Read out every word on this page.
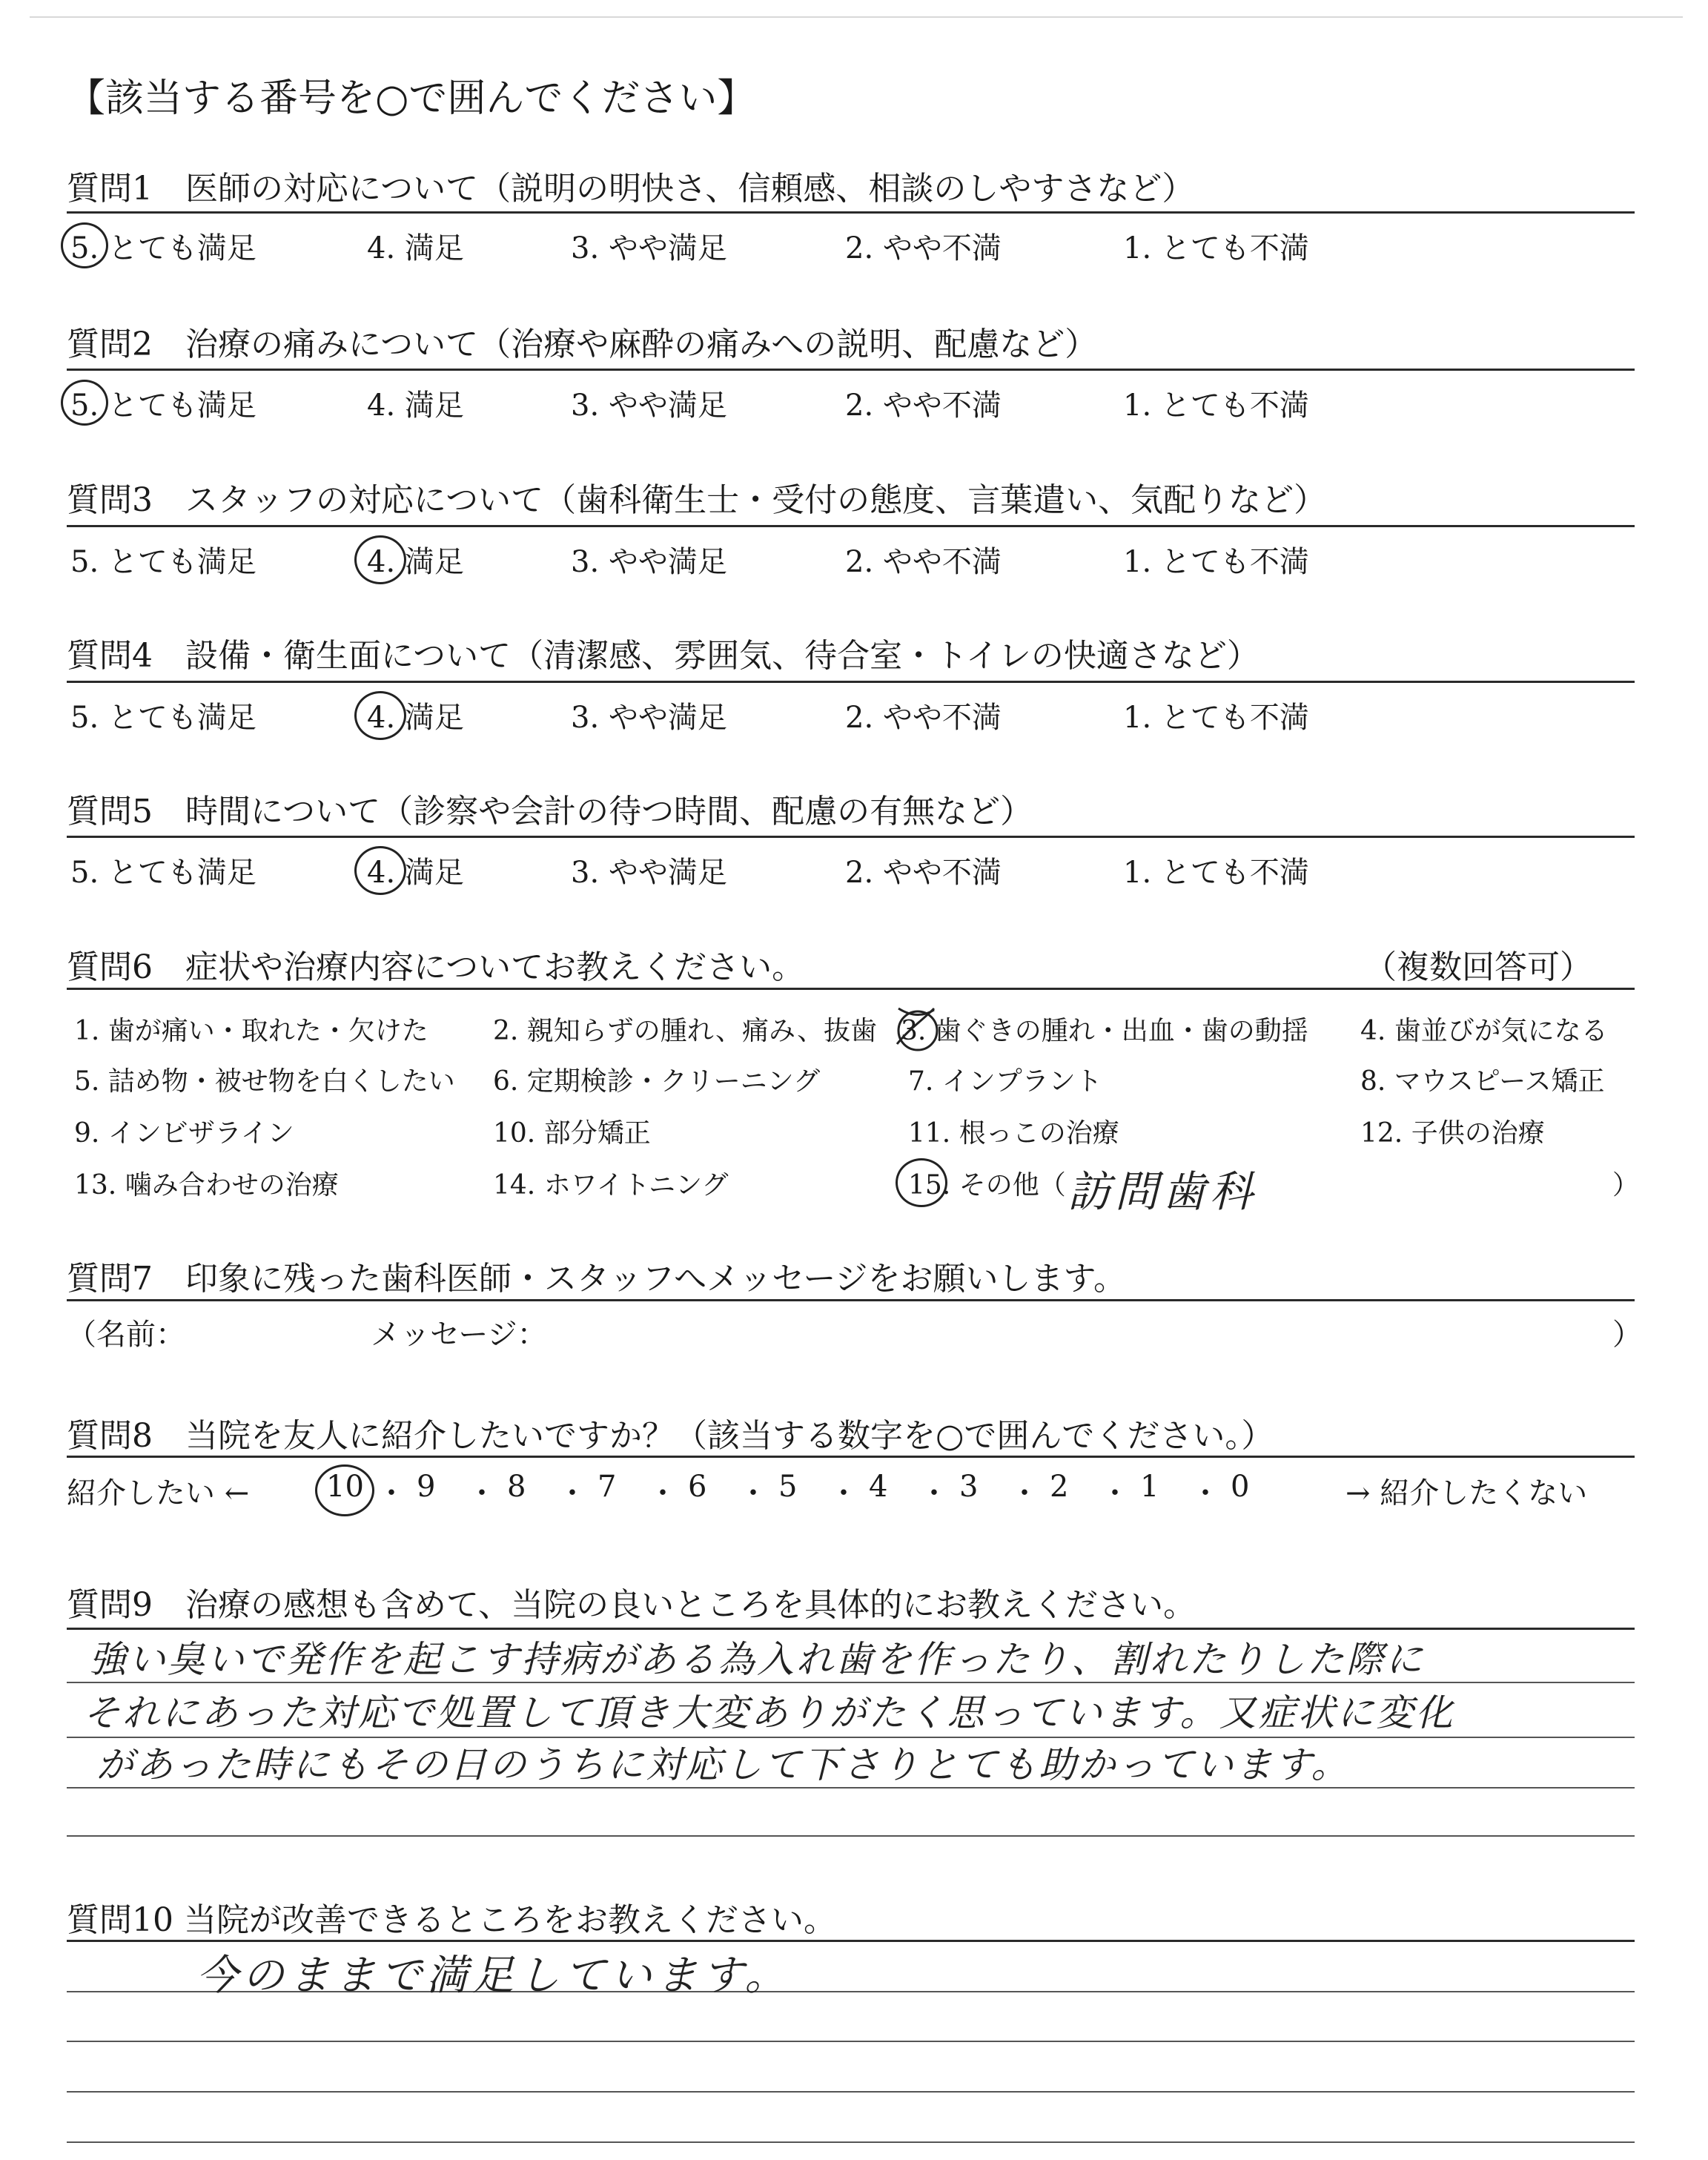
【該当する番号を○で囲んでください】
質問1　医師の対応について（説明の明快さ、信頼感、相談のしやすさなど）
5. とても満足	4. 満足	3. やや満足	2. やや不満	1. とても不満
質問2　治療の痛みについて（治療や麻酔の痛みへの説明、配慮など）
5. とても満足	4. 満足	3. やや満足	2. やや不満	1. とても不満
質問3　スタッフの対応について（歯科衛生士・受付の態度、言葉遣い、気配りなど）
5. とても満足	4. 満足	3. やや満足	2. やや不満	1. とても不満
質問4　設備・衛生面について（清潔感、雰囲気、待合室・トイレの快適さなど）
5. とても満足	4. 満足	3. やや満足	2. やや不満	1. とても不満
質問5　時間について（診察や会計の待つ時間、配慮の有無など）
5. とても満足	4. 満足	3. やや満足	2. やや不満	1. とても不満
質問6　症状や治療内容についてお教えください。	（複数回答可）
1. 歯が痛い・取れた・欠けた 2. 親知らずの腫れ、痛み、抜歯 3. 歯ぐきの腫れ・出血・歯の動揺 4. 歯並びが気になる
5. 詰め物・被せ物を白くしたい 6. 定期検診・クリーニング	7. インプラント	8. マウスピース矯正
9. インビザライン	10. 部分矯正	11. 根っこの治療	12. 子供の治療
13. 噛み合わせの治療	14. ホワイトニング	15. その他（ 訪問歯科	）
質問7　印象に残った歯科医師・スタッフへメッセージをお願いします。
（名前：	メッセージ：	）
質問8　当院を友人に紹介したいですか？（該当する数字を○で囲んでください。）
紹介したい ←	→ 紹介したくない
10 ・ 9 ・ 8 ・ 7 ・ 6 ・ 5 ・ 4 ・ 3 ・ 2 ・ 1 ・ 0
質問9　治療の感想も含めて、当院の良いところを具体的にお教えください。
強い臭いで発作を起こす持病がある為入れ歯を作ったり、割れたりした際に
それにあった対応で処置して頂き大変ありがたく思っています。又症状に変化
があった時にもその日のうちに対応して下さりとても助かっています。
質問10 当院が改善できるところをお教えください。
今のままで満足しています。
